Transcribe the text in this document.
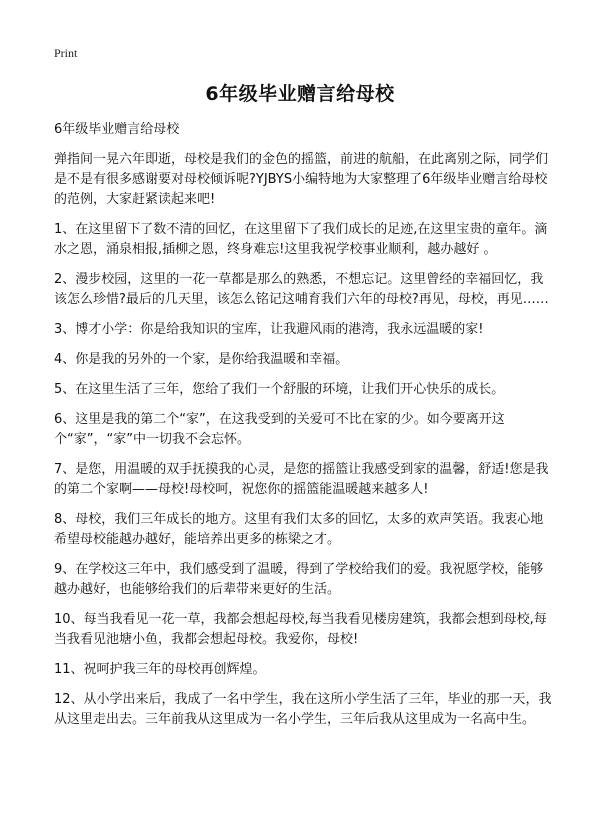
Print
6年级毕业赠言给母校

6年级毕业赠言给母校

弹指间一晃六年即逝，母校是我们的金色的摇篮，前进的航船，在此离别之际，同学们是不是有很多感谢要对母校倾诉呢?YJBYS小编特地为大家整理了6年级毕业赠言给母校的范例，大家赶紧读起来吧!

1、在这里留下了数不清的回忆，在这里留下了我们成长的足迹,在这里宝贵的童年。滴水之恩，涌泉相报,插柳之恩，终身难忘!这里我祝学校事业顺利，越办越好 。

2、漫步校园，这里的一花一草都是那么的熟悉，不想忘记。这里曾经的幸福回忆，我该怎么珍惜?最后的几天里，该怎么铭记这哺育我们六年的母校?再见，母校，再见……

3、博才小学：你是给我知识的宝库，让我避风雨的港湾，我永远温暖的家!

4、你是我的另外的一个家，是你给我温暖和幸福。

5、在这里生活了三年，您给了我们一个舒服的环境，让我们开心快乐的成长。

6、这里是我的第二个“家”，在这我受到的关爱可不比在家的少。如今要离开这个“家”，“家”中一切我不会忘怀。

7、是您，用温暖的双手抚摸我的心灵，是您的摇篮让我感受到家的温馨，舒适!您是我的第二个家啊——母校!母校呵，祝您你的摇篮能温暖越来越多人!

8、母校，我们三年成长的地方。这里有我们太多的回忆，太多的欢声笑语。我衷心地希望母校能越办越好，能培养出更多的栋梁之才。

9、在学校这三年中，我们感受到了温暖，得到了学校给我们的爱。我祝愿学校，能够越办越好，也能够给我们的后辈带来更好的生活。

10、每当我看见一花一草，我都会想起母校,每当我看见楼房建筑，我都会想到母校,每当我看见池塘小鱼，我都会想起母校。我爱你，母校!

11、祝呵护我三年的母校再创辉煌。

12、从小学出来后，我成了一名中学生，我在这所小学生活了三年，毕业的那一天，我从这里走出去。三年前我从这里成为一名小学生，三年后我从这里成为一名高中生。
